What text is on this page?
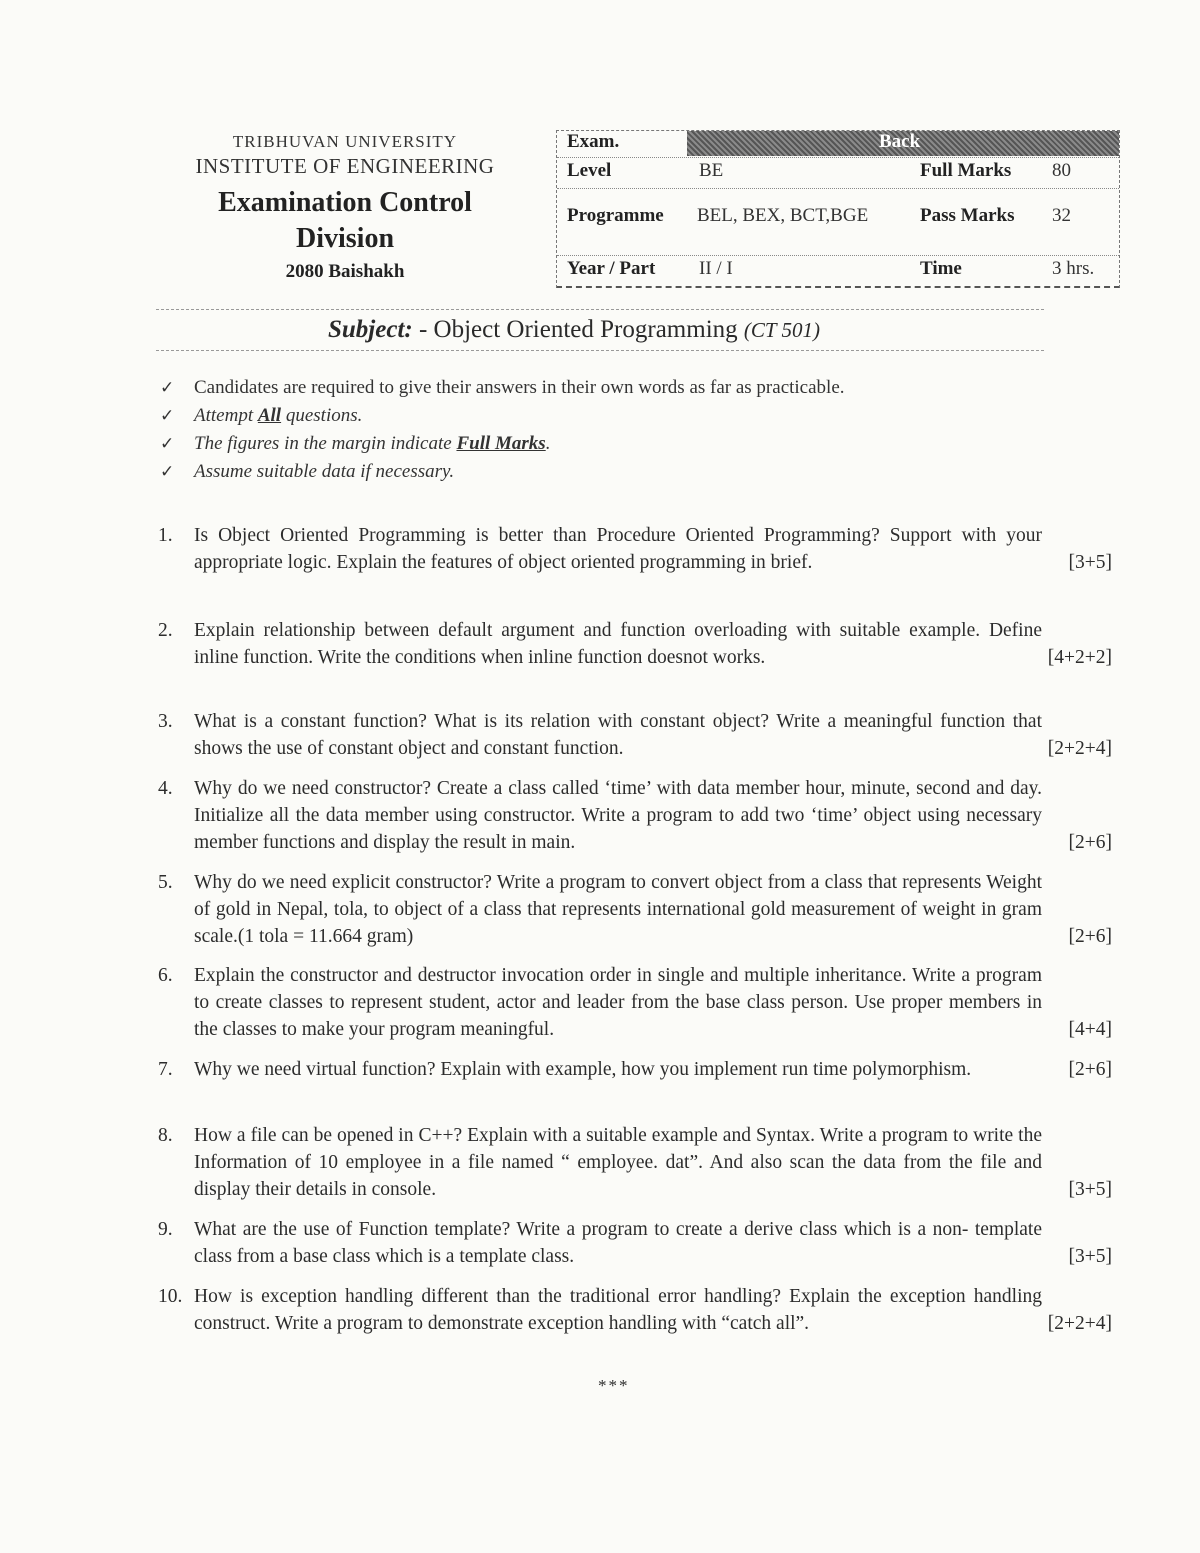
TRIBHUVAN UNIVERSITY
INSTITUTE OF ENGINEERING
Examination Control
Division
2080 Baishakh
Exam.	Back
Level	BE	Full Marks 80
Programme BEL, BEX, BCT,BGE	Pass Marks 32
Year / Part II / I	Time	3 hrs.
Subject: - Object Oriented Programming (CT 501)
✓ Candidates are required to give their answers in their own words as far as practicable.
✓ Attempt All questions.
✓ The figures in the margin indicate Full Marks.
✓ Assume suitable data if necessary.
1.	Is Object Oriented Programming is better than Procedure Oriented Programming? Support with your appropriate logic. Explain the features of object oriented programming in brief.	[3+5]
2.	Explain relationship between default argument and function overloading with suitable example. Define inline function. Write the conditions when inline function doesnot works.	[4+2+2]
3.	What is a constant function? What is its relation with constant object? Write a meaningful function that shows the use of constant object and constant function.	[2+2+4]
4.	Why do we need constructor? Create a class called ‘time’ with data member hour, minute, second and day. Initialize all the data member using constructor. Write a program to add two ‘time’ object using necessary member functions and display the result in main.	[2+6]
5.	Why do we need explicit constructor? Write a program to convert object from a class that represents Weight of gold in Nepal, tola, to object of a class that represents international gold measurement of weight in gram scale.(1 tola = 11.664 gram)	[2+6]
6.	Explain the constructor and destructor invocation order in single and multiple inheritance. Write a program to create classes to represent student, actor and leader from the base class person. Use proper members in the classes to make your program meaningful.	[4+4]
7.	Why we need virtual function? Explain with example, how you implement run time polymorphism.	[2+6]
8.	How a file can be opened in C++? Explain with a suitable example and Syntax. Write a program to write the Information of 10 employee in a file named “ employee. dat”. And also scan the data from the file and display their details in console.	[3+5]
9.	What are the use of Function template? Write a program to create a derive class which is a non- template class from a base class which is a template class.	[3+5]
10. How is exception handling different than the traditional error handling? Explain the exception handling construct. Write a program to demonstrate exception handling with “catch all”.	[2+2+4]
***
